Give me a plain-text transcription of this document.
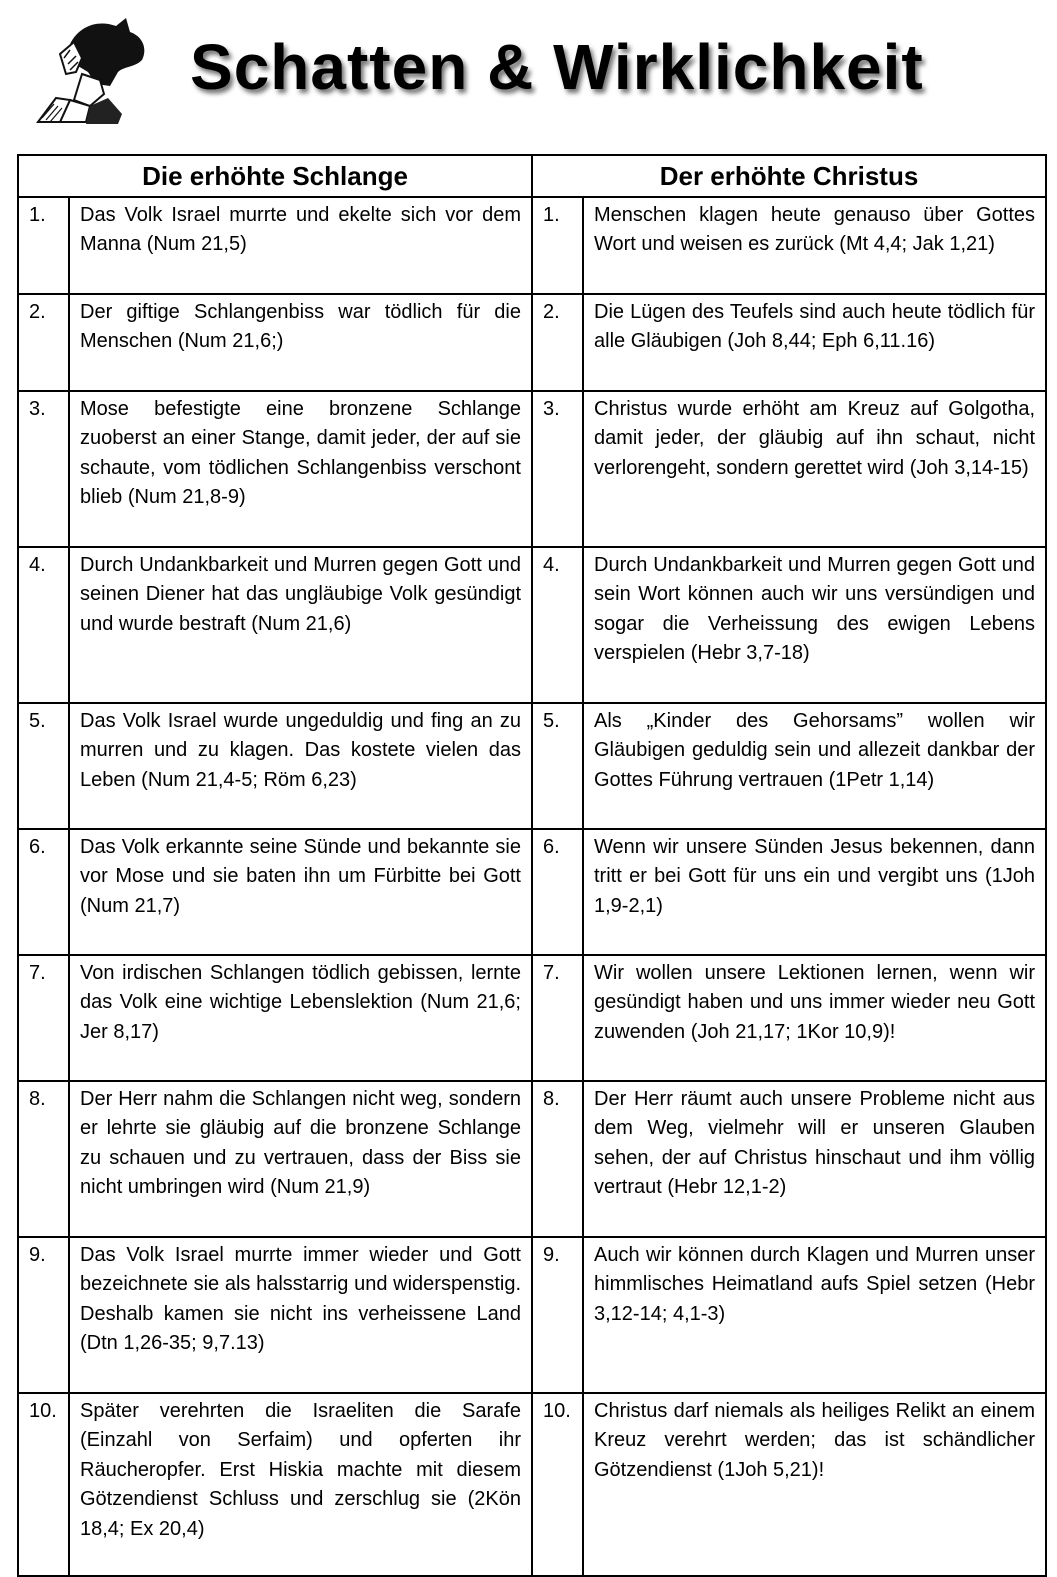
Schatten & Wirklichkeit
Die erhöhte Schlange		Der erhöhte Christus	
1.	Das Volk Israel murrte und ekelte sich vor dem Manna (Num 21,5)	1.	Menschen klagen heute genauso über Gottes Wort und weisen es zurück (Mt 4,4; Jak 1,21)
2.	Der giftige Schlangenbiss war tödlich für die Menschen (Num 21,6;)	2.	Die Lügen des Teufels sind auch heute tödlich für alle Gläubigen (Joh 8,44; Eph 6,11.16)
3.	Mose befestigte eine bronzene Schlange zuoberst an einer Stange, damit jeder, der auf sie schaute, vom tödlichen Schlangenbiss verschont blieb (Num 21,8-9)	3.	Christus wurde erhöht am Kreuz auf Golgotha, damit jeder, der gläubig auf ihn schaut, nicht verlorengeht, sondern gerettet wird (Joh 3,14-15)
4.	Durch Undankbarkeit und Murren gegen Gott und seinen Diener hat das ungläubige Volk gesündigt und wurde bestraft (Num 21,6)	4.	Durch Undankbarkeit und Murren gegen Gott und sein Wort können auch wir uns versündigen und sogar die Verheissung des ewigen Lebens verspielen (Hebr 3,7-18)
5.	Das Volk Israel wurde ungeduldig und fing an zu murren und zu klagen. Das kostete vielen das Leben (Num 21,4-5; Röm 6,23)	5.	Als „Kinder des Gehorsams” wollen wir Gläubigen geduldig sein und allezeit dankbar der Gottes Führung vertrauen (1Petr 1,14)
6.	Das Volk erkannte seine Sünde und bekannte sie vor Mose und sie baten ihn um Fürbitte bei Gott (Num 21,7)	6.	Wenn wir unsere Sünden Jesus bekennen, dann tritt er bei Gott für uns ein und vergibt uns (1Joh 1,9-2,1)
7.	Von irdischen Schlangen tödlich gebissen, lernte das Volk eine wichtige Lebenslektion (Num 21,6; Jer 8,17)	7.	Wir wollen unsere Lektionen lernen, wenn wir gesündigt haben und uns immer wieder neu Gott zuwenden (Joh 21,17; 1Kor 10,9)!
8.	Der Herr nahm die Schlangen nicht weg, sondern er lehrte sie gläubig auf die bronzene Schlange zu schauen und zu vertrauen, dass der Biss sie nicht umbringen wird (Num 21,9)	8.	Der Herr räumt auch unsere Probleme nicht aus dem Weg, vielmehr will er unseren Glauben sehen, der auf Christus hinschaut und ihm völlig vertraut (Hebr 12,1-2)
9.	Das Volk Israel murrte immer wieder und Gott bezeichnete sie als halsstarrig und widerspenstig. Deshalb kamen sie nicht ins verheissene Land (Dtn 1,26-35; 9,7.13)	9.	Auch wir können durch Klagen und Murren unser himmlisches Heimatland aufs Spiel setzen (Hebr 3,12-14; 4,1-3)
10.	Später verehrten die Israeliten die Sarafe (Einzahl von Serfaim) und opferten ihr Räucheropfer. Erst Hiskia machte mit diesem Götzendienst Schluss und zerschlug sie (2Kön 18,4; Ex 20,4)	10.	Christus darf niemals als heiliges Relikt an einem Kreuz verehrt werden; das ist schändlicher Götzendienst (1Joh 5,21)!
